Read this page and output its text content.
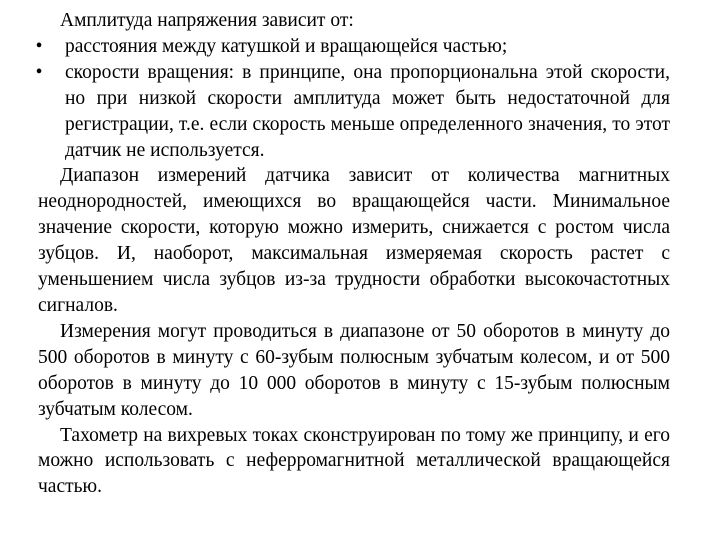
Амплитуда напряжения зависит от:

• расстояния между катушкой и вращающейся частью;
• скорости вращения: в принципе, она пропорциональна этой скорости, но при низкой скорости амплитуда может быть недостаточной для регистрации, т.е. если скорость меньше определенного значения, то этот датчик не используется.

Диапазон измерений датчика зависит от количества магнитных неоднородностей, имеющихся во вращающейся части. Минимальное значение скорости, которую можно измерить, снижается с ростом числа зубцов. И, наоборот, максимальная измеряемая скорость растет с уменьшением числа зубцов из-за трудности обработки высокочастотных сигналов.

Измерения могут проводиться в диапазоне от 50 оборотов в минуту до 500 оборотов в минуту с 60-зубым полюсным зубчатым колесом, и от 500 оборотов в минуту до 10 000 оборотов в минуту с 15-зубым полюсным зубчатым колесом.

Тахометр на вихревых токах сконструирован по тому же принципу, и его можно использовать с неферромагнитной металлической вращающейся частью.
